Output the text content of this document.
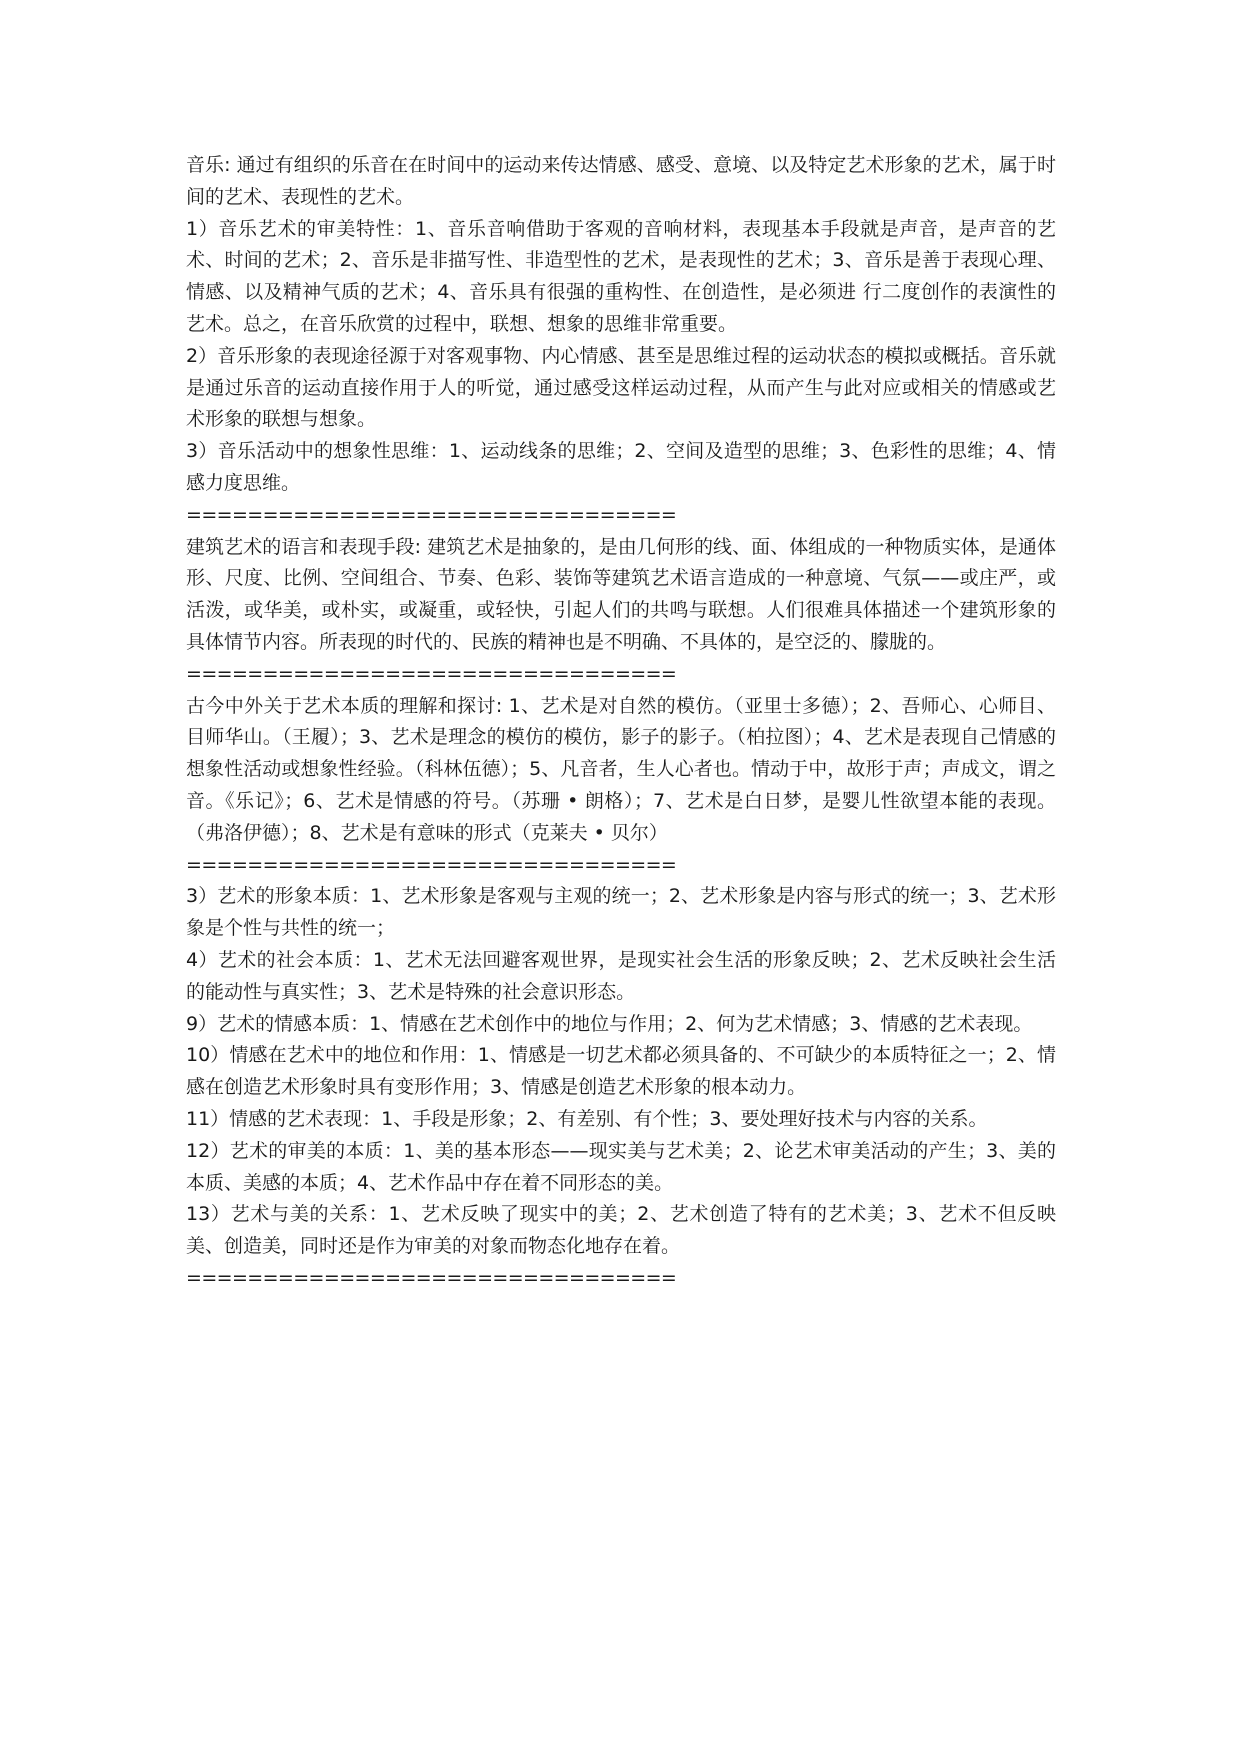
音乐: 通过有组织的乐音在在时间中的运动来传达情感、感受、意境、以及特定艺术形象的艺术，属于时间的艺术、表现性的艺术。

1）音乐艺术的审美特性：1、音乐音响借助于客观的音响材料，表现基本手段就是声音，是声音的艺术、时间的艺术；2、音乐是非描写性、非造型性的艺术，是表现性的艺术；3、音乐是善于表现心理、情感、以及精神气质的艺术；4、音乐具有很强的重构性、在创造性，是必须进 行二度创作的表演性的艺术。总之，在音乐欣赏的过程中，联想、想象的思维非常重要。

2）音乐形象的表现途径源于对客观事物、内心情感、甚至是思维过程的运动状态的模拟或概括。音乐就是通过乐音的运动直接作用于人的听觉，通过感受这样运动过程，从而产生与此对应或相关的情感或艺术形象的联想与想象。

3）音乐活动中的想象性思维：1、运动线条的思维；2、空间及造型的思维；3、色彩性的思维；4、情感力度思维。

================================

建筑艺术的语言和表现手段: 建筑艺术是抽象的，是由几何形的线、面、体组成的一种物质实体，是通体形、尺度、比例、空间组合、节奏、色彩、装饰等建筑艺术语言造成的一种意境、气氛——或庄严，或活泼，或华美，或朴实，或凝重，或轻快，引起人们的共鸣与联想。人们很难具体描述一个建筑形象的具体情节内容。所表现的时代的、民族的精神也是不明确、不具体的，是空泛的、朦胧的。

================================

古今中外关于艺术本质的理解和探讨: 1、艺术是对自然的模仿。（亚里士多德）；2、吾师心、心师目、目师华山。（王履）；3、艺术是理念的模仿的模仿，影子的影子。（柏拉图）；4、艺术是表现自己情感的想象性活动或想象性经验。（科林伍德）；5、凡音者，生人心者也。情动于中，故形于声；声成文，谓之音。《乐记》；6、艺术是情感的符号。（苏珊 • 朗格）；7、艺术是白日梦，是婴儿性欲望本能的表现。（弗洛伊德）；8、艺术是有意味的形式（克莱夫 • 贝尔）

================================

3）艺术的形象本质：1、艺术形象是客观与主观的统一；2、艺术形象是内容与形式的统一；3、艺术形象是个性与共性的统一；

4）艺术的社会本质：1、艺术无法回避客观世界，是现实社会生活的形象反映；2、艺术反映社会生活的能动性与真实性；3、艺术是特殊的社会意识形态。

9）艺术的情感本质：1、情感在艺术创作中的地位与作用；2、何为艺术情感；3、情感的艺术表现。

10）情感在艺术中的地位和作用：1、情感是一切艺术都必须具备的、不可缺少的本质特征之一；2、情感在创造艺术形象时具有变形作用；3、情感是创造艺术形象的根本动力。

11）情感的艺术表现：1、手段是形象；2、有差别、有个性；3、要处理好技术与内容的关系。

12）艺术的审美的本质：1、美的基本形态——现实美与艺术美；2、论艺术审美活动的产生；3、美的本质、美感的本质；4、艺术作品中存在着不同形态的美。

13）艺术与美的关系：1、艺术反映了现实中的美；2、艺术创造了特有的艺术美；3、艺术不但反映美、创造美，同时还是作为审美的对象而物态化地存在着。

================================
